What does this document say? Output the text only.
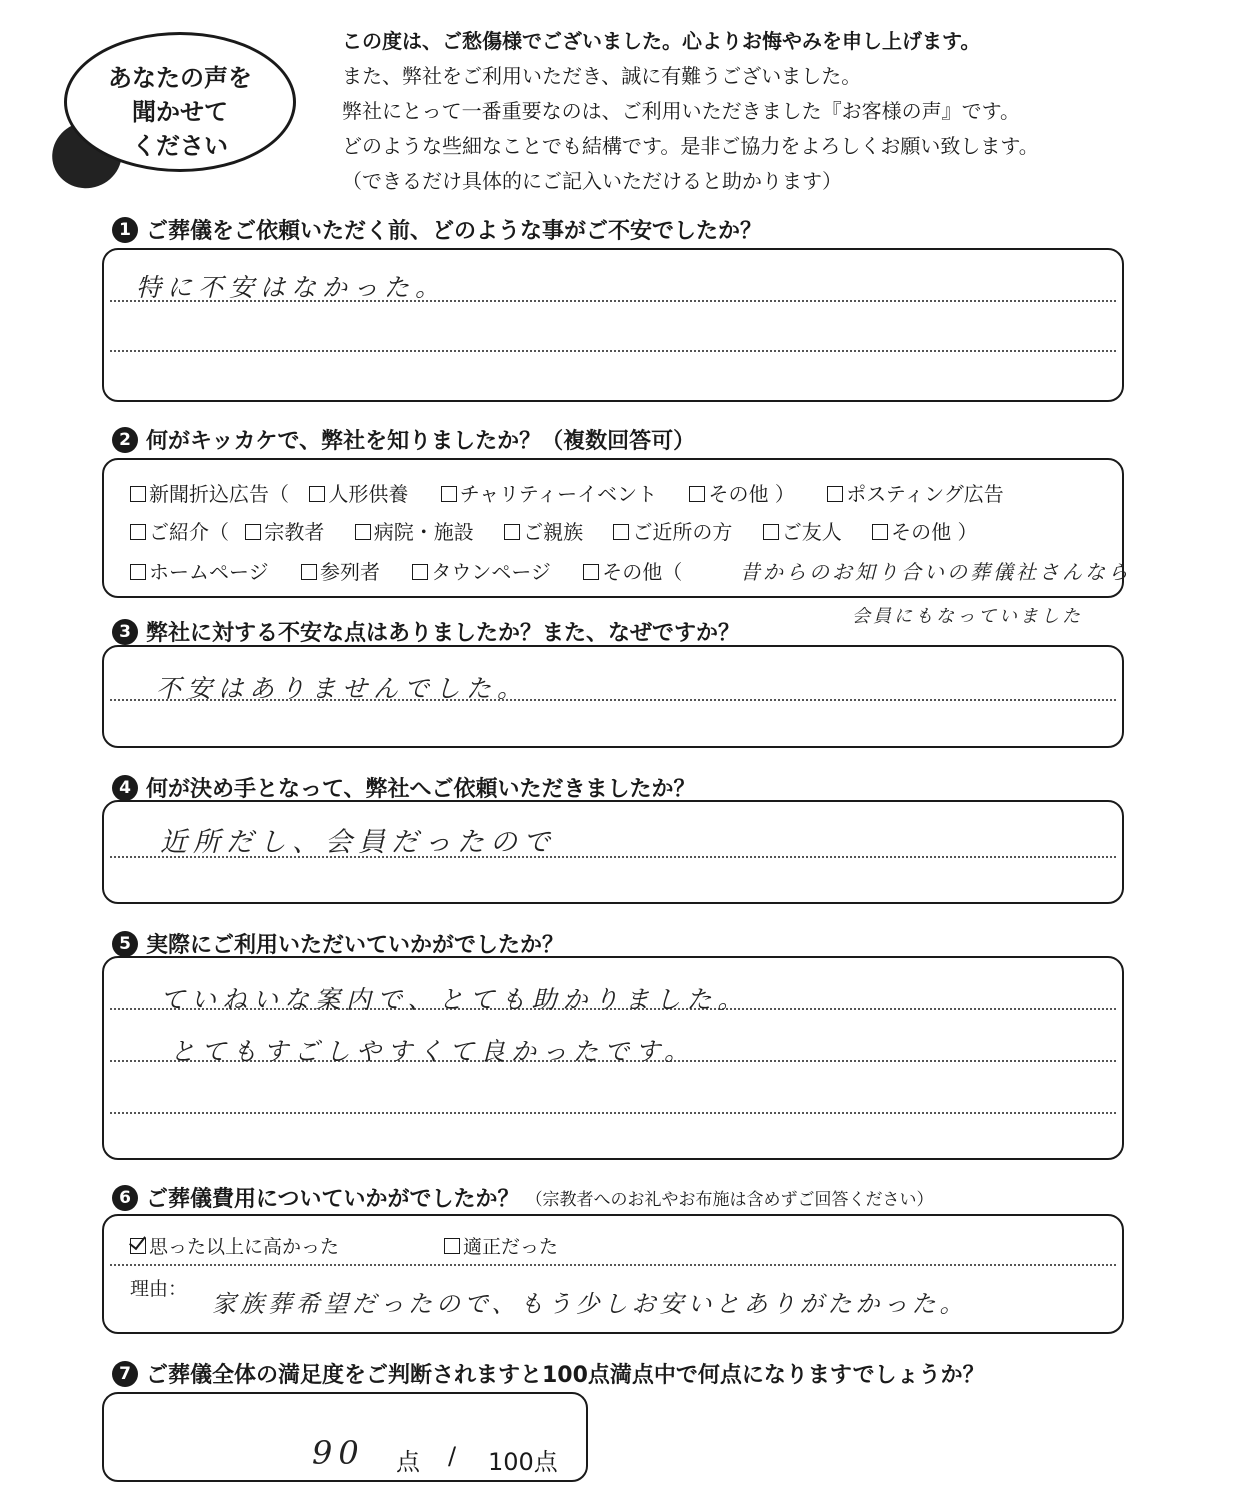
あなたの声を
聞かせて
ください
この度は、ご愁傷様でございました。心よりお悔やみを申し上げます。
また、弊社をご利用いただき、誠に有難うございました。
弊社にとって一番重要なのは、ご利用いただきました『お客様の声』です。
どのような些細なことでも結構です。是非ご協力をよろしくお願い致します。
（できるだけ具体的にご記入いただけると助かります）
1 ご葬儀をご依頼いただく前、どのような事がご不安でしたか？
特に不安はなかった。
2 何がキッカケで、弊社を知りましたか？（複数回答可）
新聞折込広告（ 人形供養	チャリティーイベント	その他 ）	ポスティング広告
ご紹介（ 宗教者 病院・施設 ご親族 ご近所の方 ご友人 その他 ）
ホームページ	参列者	タウンページ	その他（	昔からのお知り合いの葬儀社さんなら
会員にもなっていました
3 弊社に対する不安な点はありましたか？また、なぜですか？
不安はありませんでした。
4 何が決め手となって、弊社へご依頼いただきましたか？
近所だし、会員だったので
5 実際にご利用いただいていかがでしたか？
ていねいな案内で、とても助かりました。
とてもすごしやすくて良かったです。
6 ご葬儀費用についていかがでしたか？ （宗教者へのお礼やお布施は含めずご回答ください）
思った以上に高かった	適正だった
理由：
家族葬希望だったので、もう少しお安いとありがたかった。
7 ご葬儀全体の満足度をご判断されますと100点満点中で何点になりますでしょうか？
90 点 / 100点
